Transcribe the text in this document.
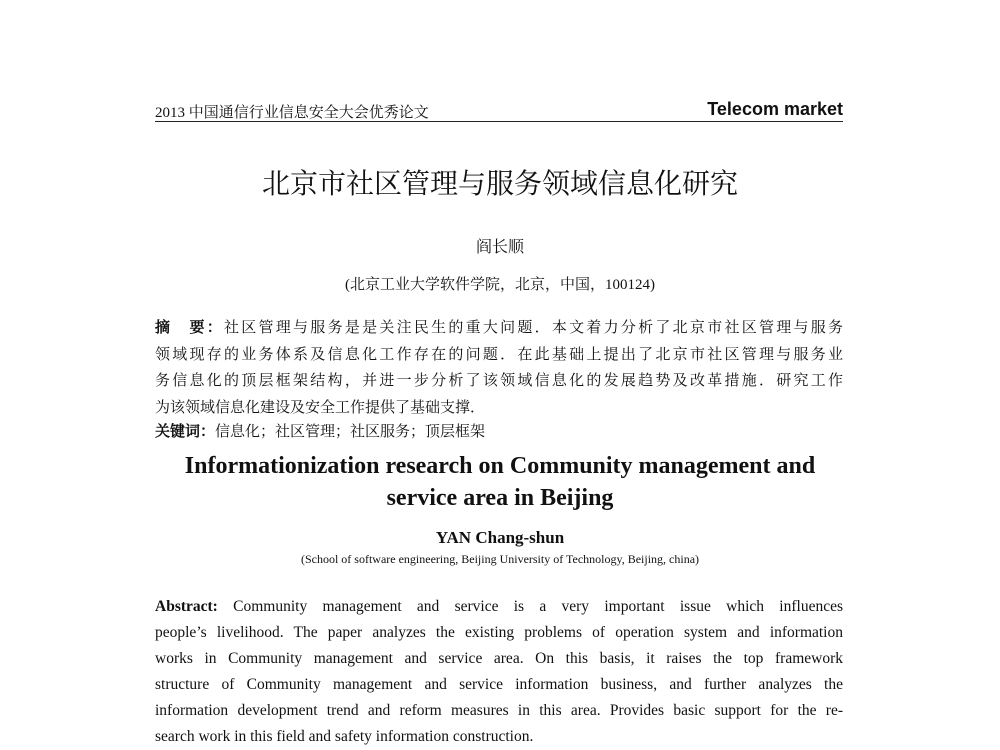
2013 中国通信行业信息安全大会优秀论文	Telecom market
北京市社区管理与服务领域信息化研究
阎长顺
(北京工业大学软件学院，北京，中国，100124)
摘　要：社区管理与服务是是关注民生的重大问题．本文着力分析了北京市社区管理与服务
领域现存的业务体系及信息化工作存在的问题．在此基础上提出了北京市社区管理与服务业
务信息化的顶层框架结构，并进一步分析了该领域信息化的发展趋势及改革措施．研究工作
为该领域信息化建设及安全工作提供了基础支撑．
关键词：信息化；社区管理；社区服务；顶层框架
Informationization research on Community management and
service area in Beijing
YAN Chang-shun
(School of software engineering, Beijing University of Technology, Beijing, china)
Abstract: Community management and service is a very important issue which influences
people’s livelihood. The paper analyzes the existing problems of operation system and information
works in Community management and service area. On this basis, it raises the top framework
structure of Community management and service information business, and further analyzes the
information development trend and reform measures in this area. Provides basic support for the re-
search work in this field and safety information construction.
